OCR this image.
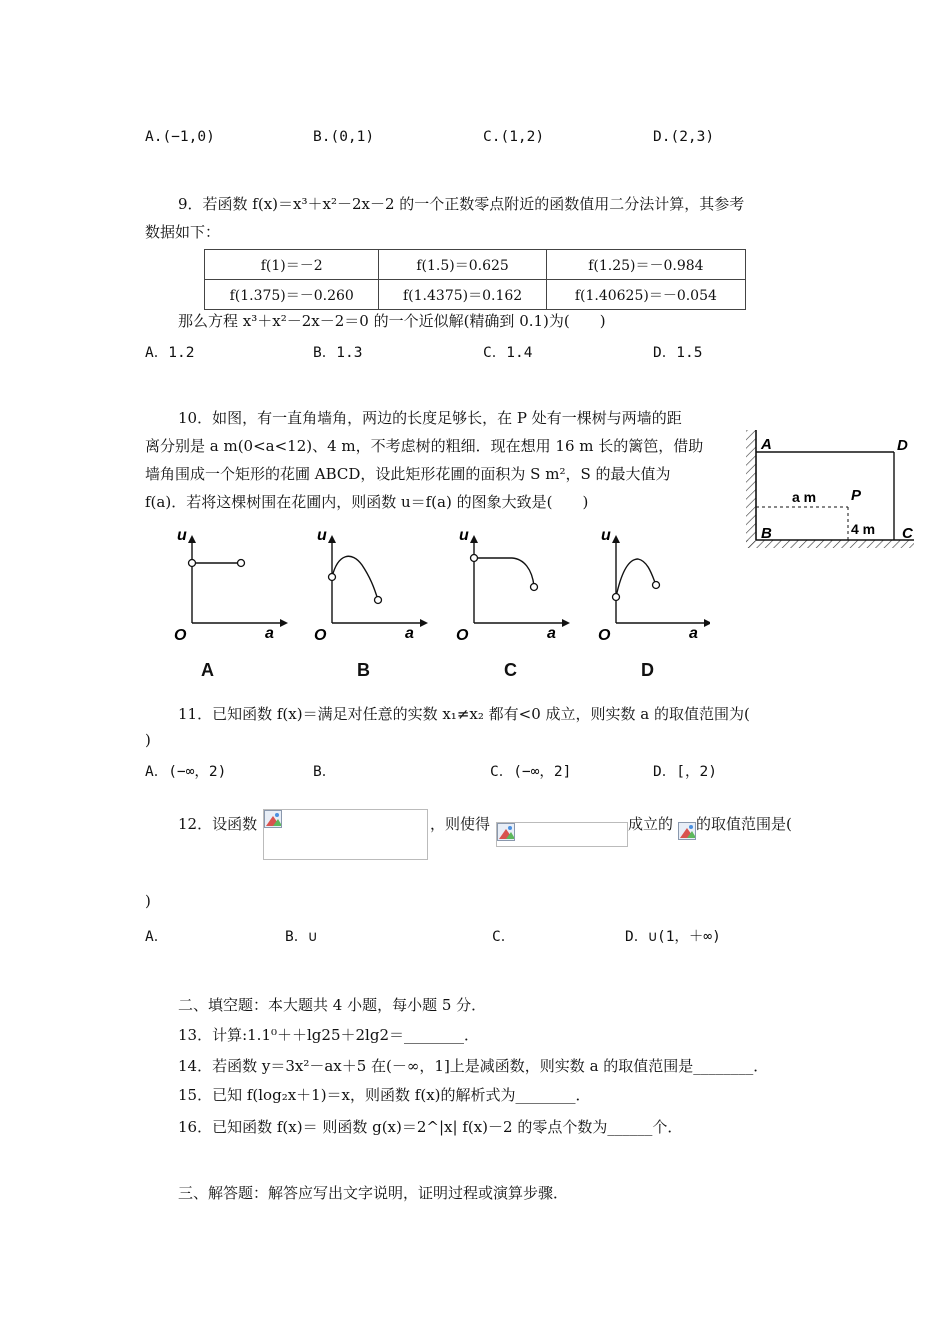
A.(−1,0)	B.(0,1)	C.(1,2)	D.(2,3)
9．若函数 f(x)＝x³＋x²－2x－2 的一个正数零点附近的函数值用二分法计算，其参考
数据如下：
f(1)＝－2	f(1.5)＝0.625	f(1.25)＝－0.984
f(1.375)＝－0.260	f(1.4375)＝0.162	f(1.40625)＝－0.054
那么方程 x³＋x²－2x－2＝0 的一个近似解(精确到 0.1)为(　　)
A．1.2	B．1.3	C．1.4	D．1.5
10．如图，有一直角墙角，两边的长度足够长，在 P 处有一棵树与两墙的距
离分别是 a m(0<a<12)、4 m，不考虑树的粗细．现在想用 16 m 长的篱笆，借助
墙角围成一个矩形的花圃 ABCD，设此矩形花圃的面积为 S m²，S 的最大值为
f(a)．若将这棵树围在花圃内，则函数 u＝f(a) 的图象大致是(　　)
A	D
B	C
P
a m
4 m
u
a
O
u
a
O
u
a
O
u
a
O
A	B	C	D
11．已知函数 f(x)＝满足对任意的实数 x₁≠x₂ 都有<0 成立，则实数 a 的取值范围为(
)
A．(−∞，2)	B．	C．(−∞，2]	D．[，2)
12．设函数	，则使得	成立的 的取值范围是(
)
A．	B．∪	C．	D．∪(1，＋∞)
二、填空题：本大题共 4 小题，每小题 5 分．
13．计算:1.1⁰＋＋lg25＋2lg2＝________．
14．若函数 y＝3x²－ax＋5 在(－∞，1]上是减函数，则实数 a 的取值范围是________．
15．已知 f(log₂x＋1)＝x，则函数 f(x)的解析式为________．
16．已知函数 f(x)＝ 则函数 g(x)＝2^|x| f(x)－2 的零点个数为______个．
三、解答题：解答应写出文字说明，证明过程或演算步骤．
